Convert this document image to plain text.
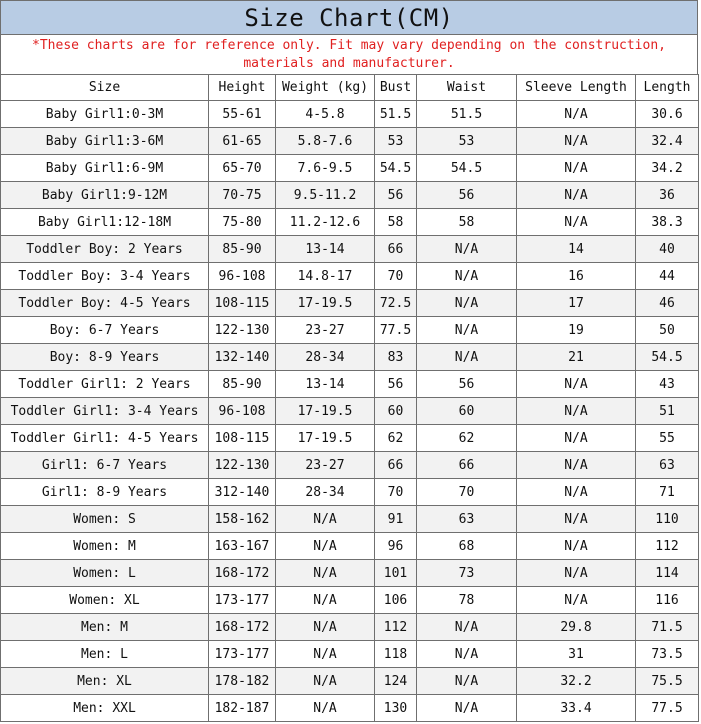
Size Chart(CM)
*These charts are for reference only. Fit may vary depending on the construction,
materials and manufacturer.
Size	Height	Weight (kg)	Bust	Waist	Sleeve Length	Length
Baby Girl1:0-3M	55-61	4-5.8	51.5	51.5	N/A	30.6
Baby Girl1:3-6M	61-65	5.8-7.6	53	53	N/A	32.4
Baby Girl1:6-9M	65-70	7.6-9.5	54.5	54.5	N/A	34.2
Baby Girl1:9-12M	70-75	9.5-11.2	56	56	N/A	36
Baby Girl1:12-18M	75-80	11.2-12.6	58	58	N/A	38.3
Toddler Boy: 2 Years	85-90	13-14	66	N/A	14	40
Toddler Boy: 3-4 Years	96-108	14.8-17	70	N/A	16	44
Toddler Boy: 4-5 Years	108-115	17-19.5	72.5	N/A	17	46
Boy: 6-7 Years	122-130	23-27	77.5	N/A	19	50
Boy: 8-9 Years	132-140	28-34	83	N/A	21	54.5
Toddler Girl1: 2 Years	85-90	13-14	56	56	N/A	43
Toddler Girl1: 3-4 Years	96-108	17-19.5	60	60	N/A	51
Toddler Girl1: 4-5 Years	108-115	17-19.5	62	62	N/A	55
Girl1: 6-7 Years	122-130	23-27	66	66	N/A	63
Girl1: 8-9 Years	312-140	28-34	70	70	N/A	71
Women: S	158-162	N/A	91	63	N/A	110
Women: M	163-167	N/A	96	68	N/A	112
Women: L	168-172	N/A	101	73	N/A	114
Women: XL	173-177	N/A	106	78	N/A	116
Men: M	168-172	N/A	112	N/A	29.8	71.5
Men: L	173-177	N/A	118	N/A	31	73.5
Men: XL	178-182	N/A	124	N/A	32.2	75.5
Men: XXL	182-187	N/A	130	N/A	33.4	77.5
